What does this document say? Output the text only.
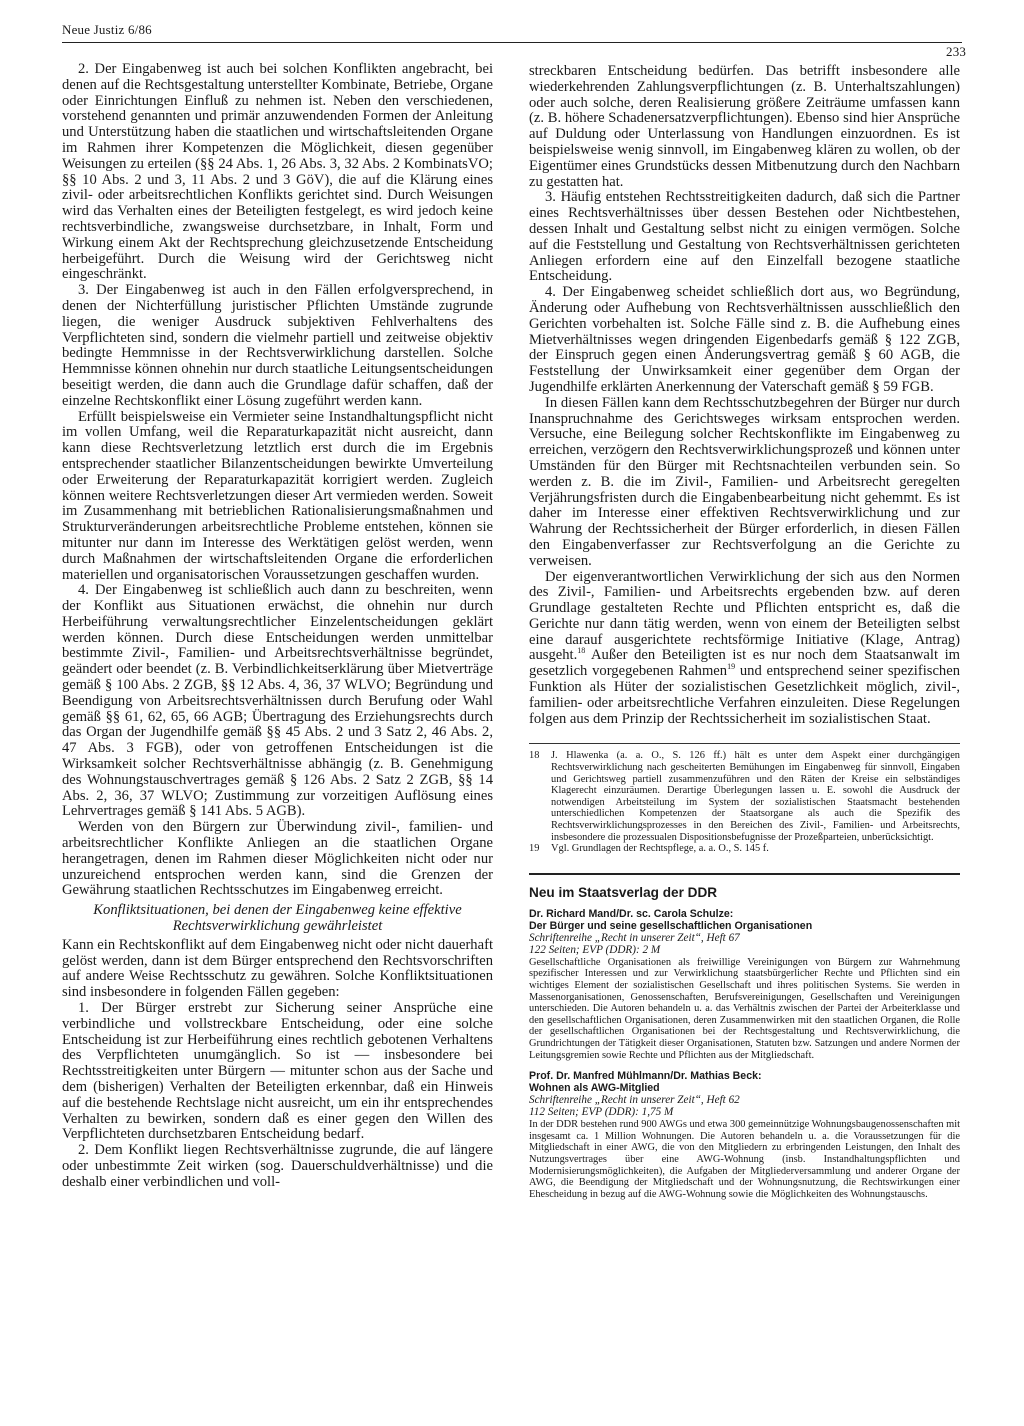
Neue Justiz 6/86
233

2. Der Eingabenweg ist auch bei solchen Konflikten angebracht, bei denen auf die Rechtsgestaltung unterstellter Kombinate, Betriebe, Organe oder Einrichtungen Einfluß zu nehmen ist. Neben den verschiedenen, vorstehend genannten und primär anzuwendenden Formen der Anleitung und Unterstützung haben die staatlichen und wirtschaftsleitenden Organe im Rahmen ihrer Kompetenzen die Möglichkeit, diesen gegenüber Weisungen zu erteilen (§§ 24 Abs. 1, 26 Abs. 3, 32 Abs. 2 KombinatsVO; §§ 10 Abs. 2 und 3, 11 Abs. 2 und 3 GöV), die auf die Klärung eines zivil- oder arbeitsrechtlichen Konflikts gerichtet sind. Durch Weisungen wird das Verhalten eines der Beteiligten festgelegt, es wird jedoch keine rechtsverbindliche, zwangsweise durchsetzbare, in Inhalt, Form und Wirkung einem Akt der Rechtsprechung gleichzusetzende Entscheidung herbeigeführt. Durch die Weisung wird der Gerichtsweg nicht eingeschränkt.

3. Der Eingabenweg ist auch in den Fällen erfolgversprechend, in denen der Nichterfüllung juristischer Pflichten Umstände zugrunde liegen, die weniger Ausdruck subjektiven Fehlverhaltens des Verpflichteten sind, sondern die vielmehr partiell und zeitweise objektiv bedingte Hemmnisse in der Rechtsverwirklichung darstellen. Solche Hemmnisse können ohnehin nur durch staatliche Leitungsentscheidungen beseitigt werden, die dann auch die Grundlage dafür schaffen, daß der einzelne Rechtskonflikt einer Lösung zugeführt werden kann.

Erfüllt beispielsweise ein Vermieter seine Instandhaltungspflicht nicht im vollen Umfang, weil die Reparaturkapazität nicht ausreicht, dann kann diese Rechtsverletzung letztlich erst durch die im Ergebnis entsprechender staatlicher Bilanzentscheidungen bewirkte Umverteilung oder Erweiterung der Reparaturkapazität korrigiert werden. Zugleich können weitere Rechtsverletzungen dieser Art vermieden werden. Soweit im Zusammenhang mit betrieblichen Rationalisierungsmaßnahmen und Strukturveränderungen arbeitsrechtliche Probleme entstehen, können sie mitunter nur dann im Interesse des Werktätigen gelöst werden, wenn durch Maßnahmen der wirtschaftsleitenden Organe die erforderlichen materiellen und organisatorischen Voraussetzungen geschaffen wurden.

4. Der Eingabenweg ist schließlich auch dann zu beschreiten, wenn der Konflikt aus Situationen erwächst, die ohnehin nur durch Herbeiführung verwaltungsrechtlicher Einzelentscheidungen geklärt werden können. Durch diese Entscheidungen werden unmittelbar bestimmte Zivil-, Familien- und Arbeitsrechtsverhältnisse begründet, geändert oder beendet (z. B. Verbindlichkeitserklärung über Mietverträge gemäß § 100 Abs. 2 ZGB, §§ 12 Abs. 4, 36, 37 WLVO; Begründung und Beendigung von Arbeitsrechtsverhältnissen durch Berufung oder Wahl gemäß §§ 61, 62, 65, 66 AGB; Übertragung des Erziehungsrechts durch das Organ der Jugendhilfe gemäß §§ 45 Abs. 2 und 3 Satz 2, 46 Abs. 2, 47 Abs. 3 FGB), oder von getroffenen Entscheidungen ist die Wirksamkeit solcher Rechtsverhältnisse abhängig (z. B. Genehmigung des Wohnungstauschvertrages gemäß § 126 Abs. 2 Satz 2 ZGB, §§ 14 Abs. 2, 36, 37 WLVO; Zustimmung zur vorzeitigen Auflösung eines Lehrvertrages gemäß § 141 Abs. 5 AGB).

Werden von den Bürgern zur Überwindung zivil-, familien- und arbeitsrechtlicher Konflikte Anliegen an die staatlichen Organe herangetragen, denen im Rahmen dieser Möglichkeiten nicht oder nur unzureichend entsprochen werden kann, sind die Grenzen der Gewährung staatlichen Rechtsschutzes im Eingabenweg erreicht.

Konfliktsituationen, bei denen der Eingabenweg keine effektive Rechtsverwirklichung gewährleistet

Kann ein Rechtskonflikt auf dem Eingabenweg nicht oder nicht dauerhaft gelöst werden, dann ist dem Bürger entsprechend den Rechtsvorschriften auf andere Weise Rechtsschutz zu gewähren. Solche Konfliktsituationen sind insbesondere in folgenden Fällen gegeben:

1. Der Bürger erstrebt zur Sicherung seiner Ansprüche eine verbindliche und vollstreckbare Entscheidung, oder eine solche Entscheidung ist zur Herbeiführung eines rechtlich gebotenen Verhaltens des Verpflichteten unumgänglich. So ist — insbesondere bei Rechtsstreitigkeiten unter Bürgern — mitunter schon aus der Sache und dem (bisherigen) Verhalten der Beteiligten erkennbar, daß ein Hinweis auf die bestehende Rechtslage nicht ausreicht, um ein ihr entsprechendes Verhalten zu bewirken, sondern daß es einer gegen den Willen des Verpflichteten durchsetzbaren Entscheidung bedarf.

2. Dem Konflikt liegen Rechtsverhältnisse zugrunde, die auf längere oder unbestimmte Zeit wirken (sog. Dauerschuldverhältnisse) und die deshalb einer verbindlichen und voll-

streckbaren Entscheidung bedürfen. Das betrifft insbesondere alle wiederkehrenden Zahlungsverpflichtungen (z. B. Unterhaltszahlungen) oder auch solche, deren Realisierung größere Zeiträume umfassen kann (z. B. höhere Schadenersatzverpflichtungen). Ebenso sind hier Ansprüche auf Duldung oder Unterlassung von Handlungen einzuordnen. Es ist beispielsweise wenig sinnvoll, im Eingabenweg klären zu wollen, ob der Eigentümer eines Grundstücks dessen Mitbenutzung durch den Nachbarn zu gestatten hat.

3. Häufig entstehen Rechtsstreitigkeiten dadurch, daß sich die Partner eines Rechtsverhältnisses über dessen Bestehen oder Nichtbestehen, dessen Inhalt und Gestaltung selbst nicht zu einigen vermögen. Solche auf die Feststellung und Gestaltung von Rechtsverhältnissen gerichteten Anliegen erfordern eine auf den Einzelfall bezogene staatliche Entscheidung.

4. Der Eingabenweg scheidet schließlich dort aus, wo Begründung, Änderung oder Aufhebung von Rechtsverhältnissen ausschließlich den Gerichten vorbehalten ist. Solche Fälle sind z. B. die Aufhebung eines Mietverhältnisses wegen dringenden Eigenbedarfs gemäß § 122 ZGB, der Einspruch gegen einen Änderungsvertrag gemäß § 60 AGB, die Feststellung der Unwirksamkeit einer gegenüber dem Organ der Jugendhilfe erklärten Anerkennung der Vaterschaft gemäß § 59 FGB.

In diesen Fällen kann dem Rechtsschutzbegehren der Bürger nur durch Inanspruchnahme des Gerichtsweges wirksam entsprochen werden. Versuche, eine Beilegung solcher Rechtskonflikte im Eingabenweg zu erreichen, verzögern den Rechtsverwirklichungsprozeß und können unter Umständen für den Bürger mit Rechtsnachteilen verbunden sein. So werden z. B. die im Zivil-, Familien- und Arbeitsrecht geregelten Verjährungsfristen durch die Eingabenbearbeitung nicht gehemmt. Es ist daher im Interesse einer effektiven Rechtsverwirklichung und zur Wahrung der Rechtssicherheit der Bürger erforderlich, in diesen Fällen den Eingabenverfasser zur Rechtsverfolgung an die Gerichte zu verweisen.

Der eigenverantwortlichen Verwirklichung der sich aus den Normen des Zivil-, Familien- und Arbeitsrechts ergebenden bzw. auf deren Grundlage gestalteten Rechte und Pflichten entspricht es, daß die Gerichte nur dann tätig werden, wenn von einem der Beteiligten selbst eine darauf ausgerichtete rechtsförmige Initiative (Klage, Antrag) ausgeht.$^{18}$ Außer den Beteiligten ist es nur noch dem Staatsanwalt im gesetzlich vorgegebenen Rahmen$^{19}$ und entsprechend seiner spezifischen Funktion als Hüter der sozialistischen Gesetzlichkeit möglich, zivil-, familien- oder arbeitsrechtliche Verfahren einzuleiten. Diese Regelungen folgen aus dem Prinzip der Rechtssicherheit im sozialistischen Staat.

18	J. Hlawenka (a. a. O., S. 126 ff.) hält es unter dem Aspekt einer durchgängigen Rechtsverwirklichung nach gescheiterten Bemühungen im Eingabenweg für sinnvoll, Eingaben und Gerichtsweg partiell zusammenzuführen und den Räten der Kreise ein selbständiges Klagerecht einzuräumen. Derartige Überlegungen lassen u. E. sowohl die Ausdruck der notwendigen Arbeitsteilung im System der sozialistischen Staatsmacht bestehenden unterschiedlichen Kompetenzen der Staatsorgane als auch die Spezifik des Rechtsverwirklichungsprozesses in den Bereichen des Zivil-, Familien- und Arbeitsrechts, insbesondere die prozessualen Dispositionsbefugnisse der Prozeßparteien, unberücksichtigt.
19	Vgl. Grundlagen der Rechtspflege, a. a. O., S. 145 f.

Neu im Staatsverlag der DDR

Dr. Richard Mand/Dr. sc. Carola Schulze:

Der Bürger und seine gesellschaftlichen Organisationen

Schriftenreihe „Recht in unserer Zeit“, Heft 67

122 Seiten; EVP (DDR): 2 M

Gesellschaftliche Organisationen als freiwillige Vereinigungen von Bürgern zur Wahrnehmung spezifischer Interessen und zur Verwirklichung staatsbürgerlicher Rechte und Pflichten sind ein wichtiges Element der sozialistischen Gesellschaft und ihres politischen Systems. Sie werden in Massenorganisationen, Genossenschaften, Berufsvereinigungen, Gesellschaften und Vereinigungen unterschieden. Die Autoren behandeln u. a. das Verhältnis zwischen der Partei der Arbeiterklasse und den gesellschaftlichen Organisationen, deren Zusammenwirken mit den staatlichen Organen, die Rolle der gesellschaftlichen Organisationen bei der Rechtsgestaltung und Rechtsverwirklichung, die Grundrichtungen der Tätigkeit dieser Organisationen, Statuten bzw. Satzungen und andere Normen der Leitungsgremien sowie Rechte und Pflichten aus der Mitgliedschaft.

Prof. Dr. Manfred Mühlmann/Dr. Mathias Beck:

Wohnen als AWG-Mitglied

Schriftenreihe „Recht in unserer Zeit“, Heft 62

112 Seiten; EVP (DDR): 1,75 M

In der DDR bestehen rund 900 AWGs und etwa 300 gemeinnützige Wohnungsbaugenossenschaften mit insgesamt ca. 1 Million Wohnungen. Die Autoren behandeln u. a. die Voraussetzungen für die Mitgliedschaft in einer AWG, die von den Mitgliedern zu erbringenden Leistungen, den Inhalt des Nutzungsvertrages über eine AWG-Wohnung (insb. Instandhaltungspflichten und Modernisierungsmöglichkeiten), die Aufgaben der Mitgliederversammlung und anderer Organe der AWG, die Beendigung der Mitgliedschaft und der Wohnungsnutzung, die Rechtswirkungen einer Ehescheidung in bezug auf die AWG-Wohnung sowie die Möglichkeiten des Wohnungstauschs.
